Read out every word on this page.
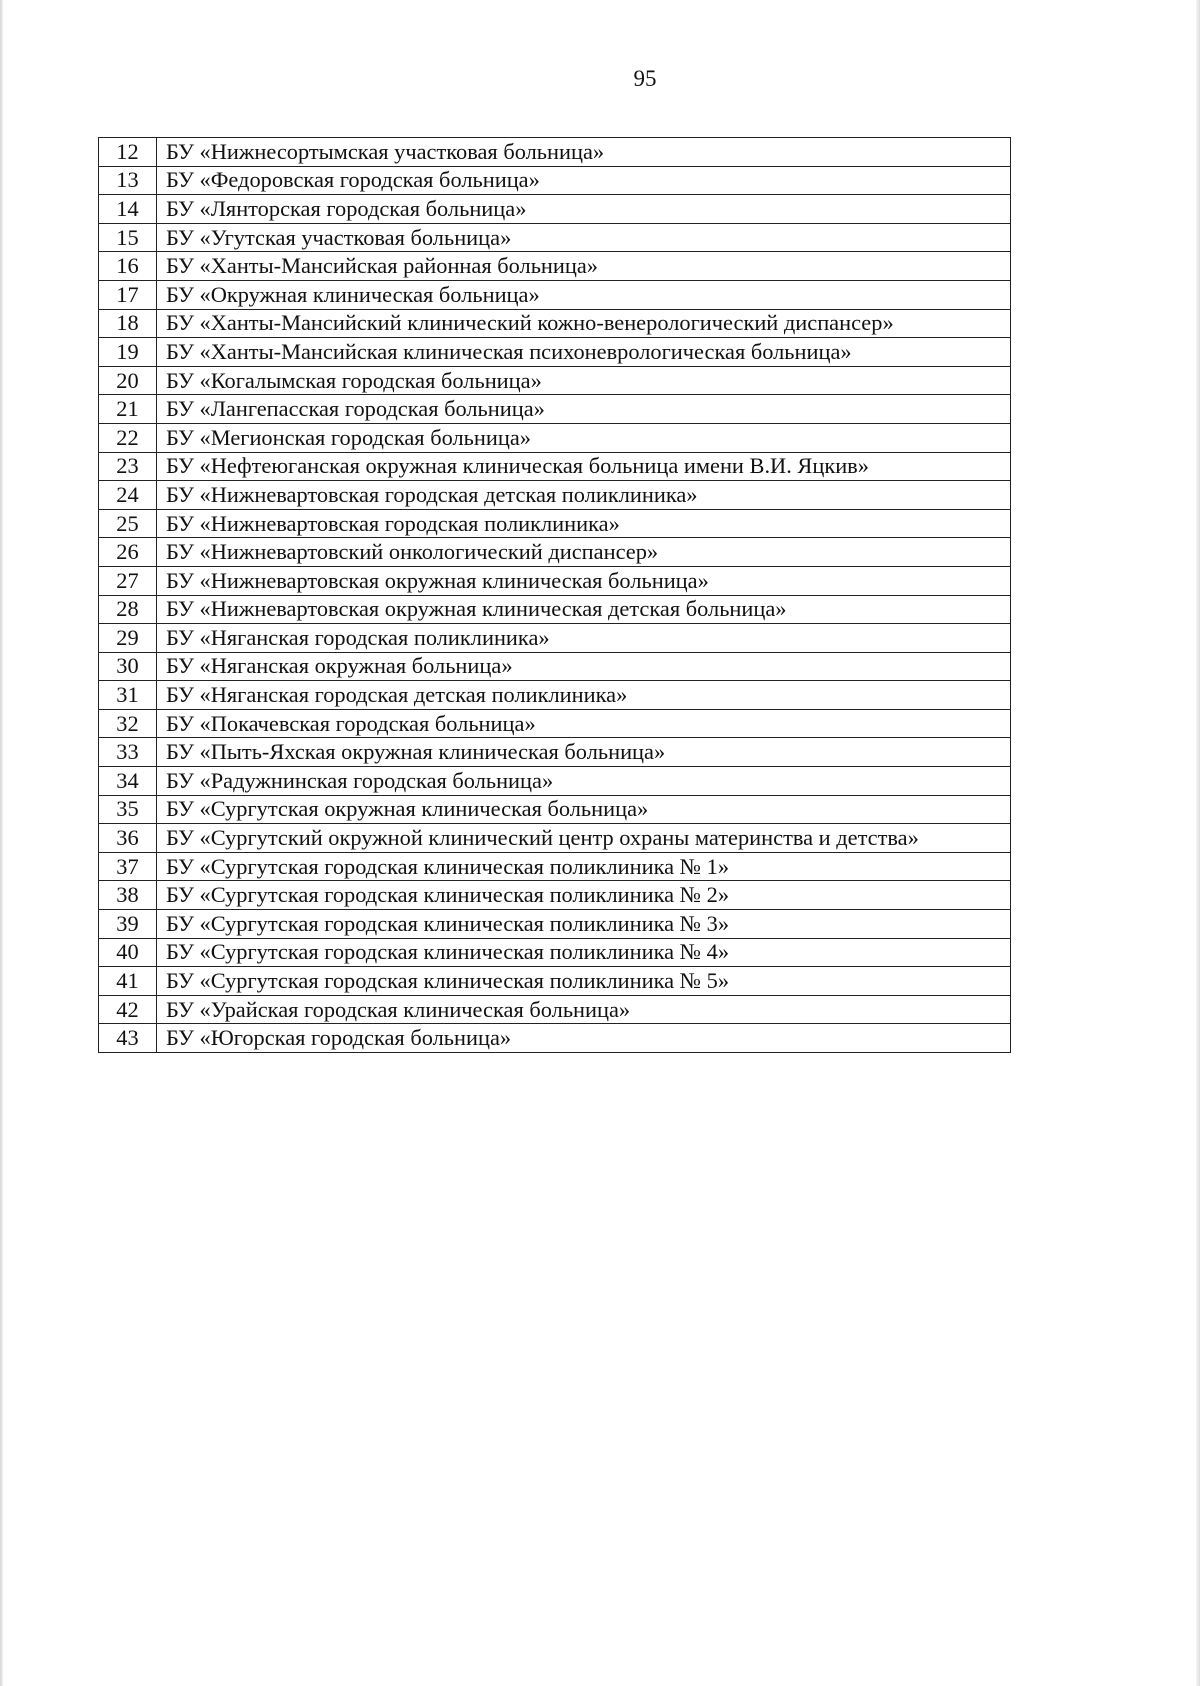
95
12	БУ «Нижнесортымская участковая больница»
13	БУ «Федоровская городская больница»
14	БУ «Лянторская городская больница»
15	БУ «Угутская участковая больница»
16	БУ «Ханты-Мансийская районная больница»
17	БУ «Окружная клиническая больница»
18	БУ «Ханты-Мансийский клинический кожно-венерологический диспансер»
19	БУ «Ханты-Мансийская клиническая психоневрологическая больница»
20	БУ «Когалымская городская больница»
21	БУ «Лангепасская городская больница»
22	БУ «Мегионская городская больница»
23	БУ «Нефтеюганская окружная клиническая больница имени В.И. Яцкив»
24	БУ «Нижневартовская городская детская поликлиника»
25	БУ «Нижневартовская городская поликлиника»
26	БУ «Нижневартовский онкологический диспансер»
27	БУ «Нижневартовская окружная клиническая больница»
28	БУ «Нижневартовская окружная клиническая детская больница»
29	БУ «Няганская городская поликлиника»
30	БУ «Няганская окружная больница»
31	БУ «Няганская городская детская поликлиника»
32	БУ «Покачевская городская больница»
33	БУ «Пыть-Яхская окружная клиническая больница»
34	БУ «Радужнинская городская больница»
35	БУ «Сургутская окружная клиническая больница»
36	БУ «Сургутский окружной клинический центр охраны материнства и детства»
37	БУ «Сургутская городская клиническая поликлиника № 1»
38	БУ «Сургутская городская клиническая поликлиника № 2»
39	БУ «Сургутская городская клиническая поликлиника № 3»
40	БУ «Сургутская городская клиническая поликлиника № 4»
41	БУ «Сургутская городская клиническая поликлиника № 5»
42	БУ «Урайская городская клиническая больница»
43	БУ «Югорская городская больница»
